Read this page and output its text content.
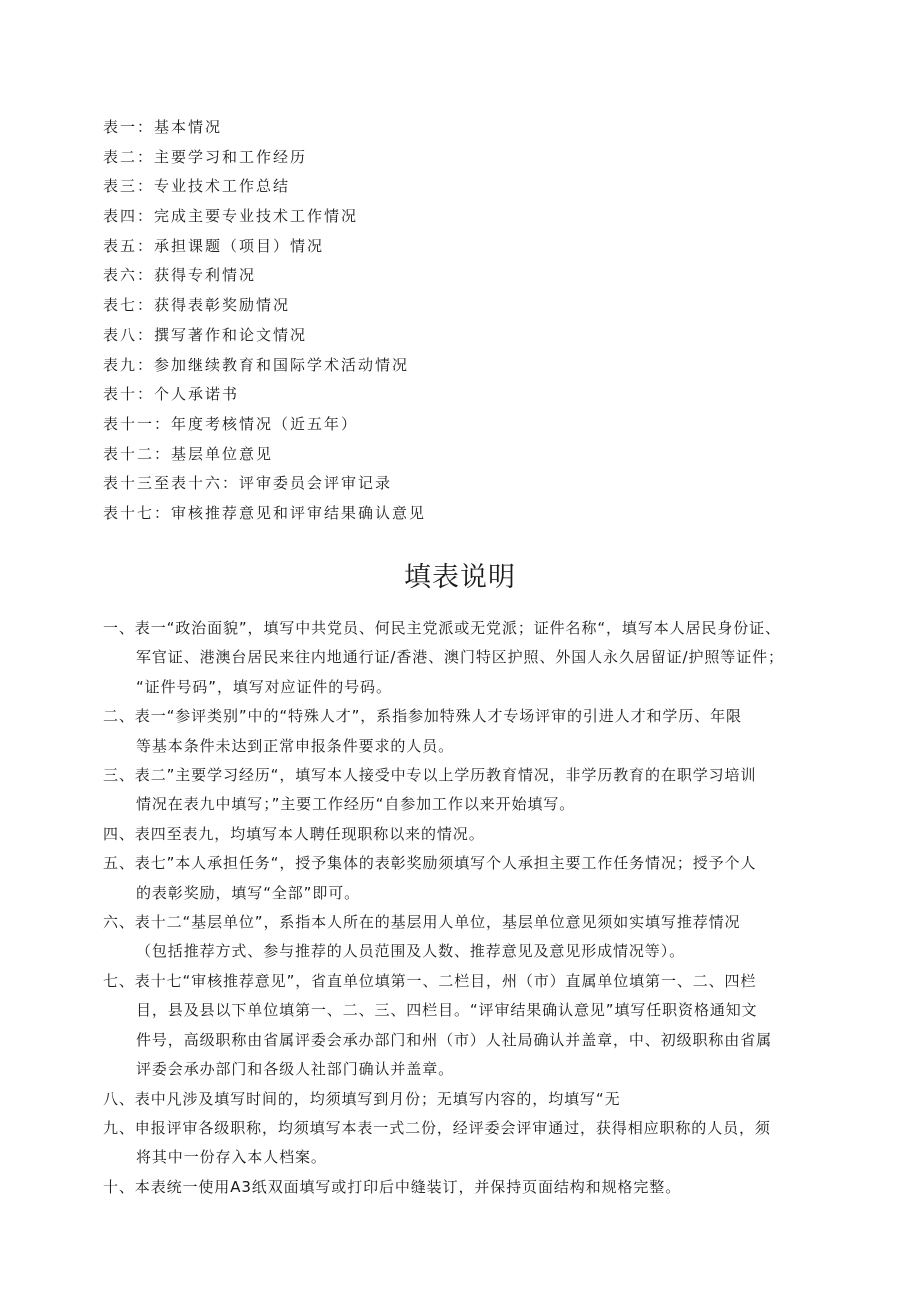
表一：基本情况
表二：主要学习和工作经历
表三：专业技术工作总结
表四：完成主要专业技术工作情况
表五：承担课题（项目）情况
表六：获得专利情况
表七：获得表彰奖励情况
表八：撰写著作和论文情况
表九：参加继续教育和国际学术活动情况
表十：个人承诺书
表十一：年度考核情况（近五年）
表十二：基层单位意见
表十三至表十六：评审委员会评审记录
表十七：审核推荐意见和评审结果确认意见
填表说明
一、表一“政治面貌”，填写中共党员、何民主党派或无党派；证件名称“，填写本人居民身份证、
军官证、港澳台居民来往内地通行证/香港、澳门特区护照、外国人永久居留证/护照等证件；
“证件号码”，填写对应证件的号码。
二、表一“参评类别”中的“特殊人才”，系指参加特殊人才专场评审的引进人才和学历、年限
等基本条件未达到正常申报条件要求的人员。
三、表二”主要学习经历“，填写本人接受中专以上学历教育情况，非学历教育的在职学习培训
情况在表九中填写；”主要工作经历“自参加工作以来开始填写。
四、表四至表九，均填写本人聘任现职称以来的情况。
五、表七”本人承担任务“，授予集体的表彰奖励须填写个人承担主要工作任务情况；授予个人
的表彰奖励，填写“全部”即可。
六、表十二“基层单位”，系指本人所在的基层用人单位，基层单位意见须如实填写推荐情况
（包括推荐方式、参与推荐的人员范围及人数、推荐意见及意见形成情况等）。
七、表十七“审核推荐意见”，省直单位填第一、二栏目，州（市）直属单位填第一、二、四栏
目，县及县以下单位填第一、二、三、四栏目。“评审结果确认意见”填写任职资格通知文
件号，高级职称由省属评委会承办部门和州（市）人社局确认并盖章，中、初级职称由省属
评委会承办部门和各级人社部门确认并盖章。
八、表中凡涉及填写时间的，均须填写到月份；无填写内容的，均填写“无
九、申报评审各级职称，均须填写本表一式二份，经评委会评审通过，获得相应职称的人员，须
将其中一份存入本人档案。
十、本表统一使用A3纸双面填写或打印后中缝装订，并保持页面结构和规格完整。
